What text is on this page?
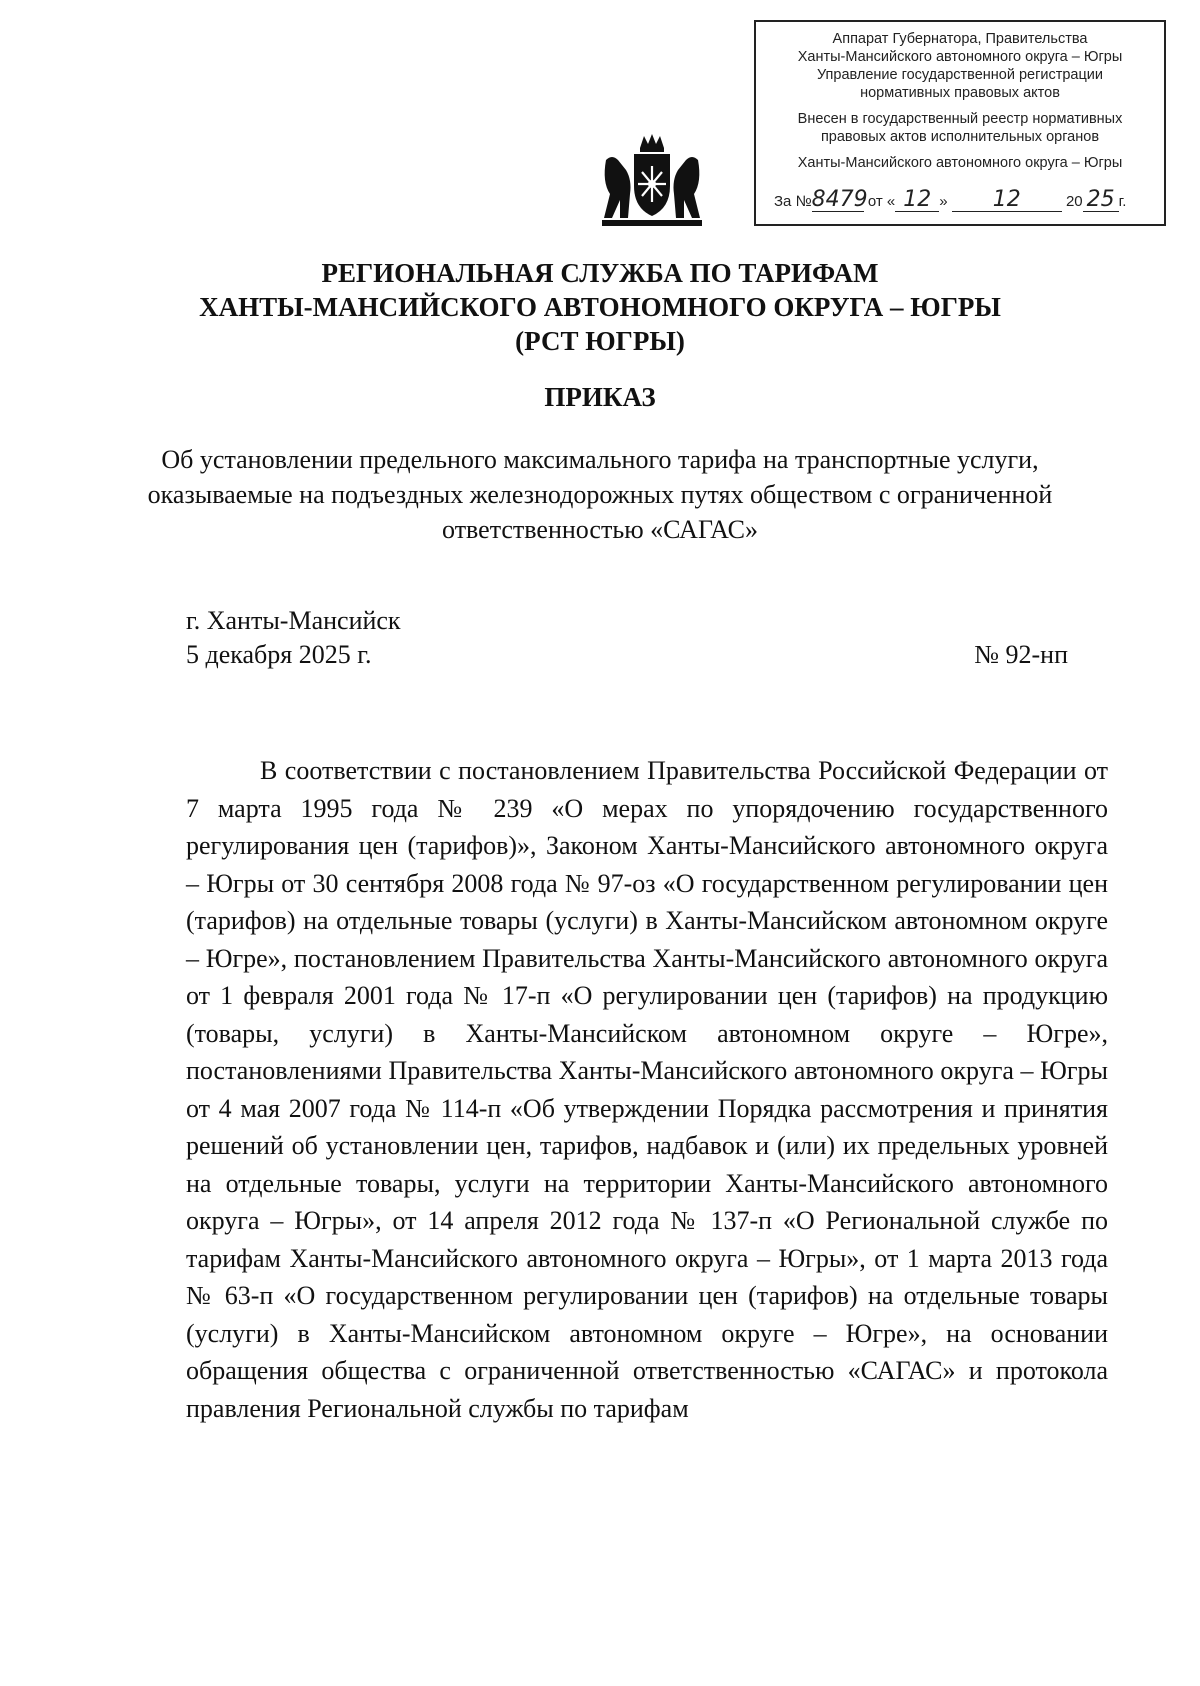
Аппарат Губернатора, Правительства
Ханты-Мансийского автономного округа – Югры
Управление государственной регистрации
нормативных правовых актов
Внесен в государственный реестр нормативных
правовых актов исполнительных органов
Ханты-Мансийского автономного округа – Югры
За №8479 от « 12 » 12	20 25 г.
РЕГИОНАЛЬНАЯ СЛУЖБА ПО ТАРИФАМ
ХАНТЫ-МАНСИЙСКОГО АВТОНОМНОГО ОКРУГА – ЮГРЫ
(РСТ ЮГРЫ)
ПРИКАЗ
Об установлении предельного максимального тарифа на транспортные услуги, оказываемые на подъездных железнодорожных путях обществом с ограниченной ответственностью «САГАС»
г. Ханты-Мансийск
5 декабря 2025 г.	№ 92-нп

В соответствии с постановлением Правительства Российской Федерации от 7 марта 1995 года № 239 «О мерах по упорядочению государственного регулирования цен (тарифов)», Законом Ханты-Мансийского автономного округа – Югры от 30 сентября 2008 года № 97-оз «О государственном регулировании цен (тарифов) на отдельные товары (услуги) в Ханты-Мансийском автономном округе – Югре», постановлением Правительства Ханты-Мансийского автономного округа от 1 февраля 2001 года № 17-п «О регулировании цен (тарифов) на продукцию (товары, услуги) в Ханты-Мансийском автономном округе – Югре», постановлениями Правительства Ханты-Мансийского автономного округа – Югры от 4 мая 2007 года № 114-п «Об утверждении Порядка рассмотрения и принятия решений об установлении цен, тарифов, надбавок и (или) их предельных уровней на отдельные товары, услуги на территории Ханты-Мансийского автономного округа – Югры», от 14 апреля 2012 года № 137-п «О Региональной службе по тарифам Ханты-Мансийского автономного округа – Югры», от 1 марта 2013 года № 63-п «О государственном регулировании цен (тарифов) на отдельные товары (услуги) в Ханты-Мансийском автономном округе – Югре», на основании обращения общества с ограниченной ответственностью «САГАС» и протокола правления Региональной службы по тарифам
